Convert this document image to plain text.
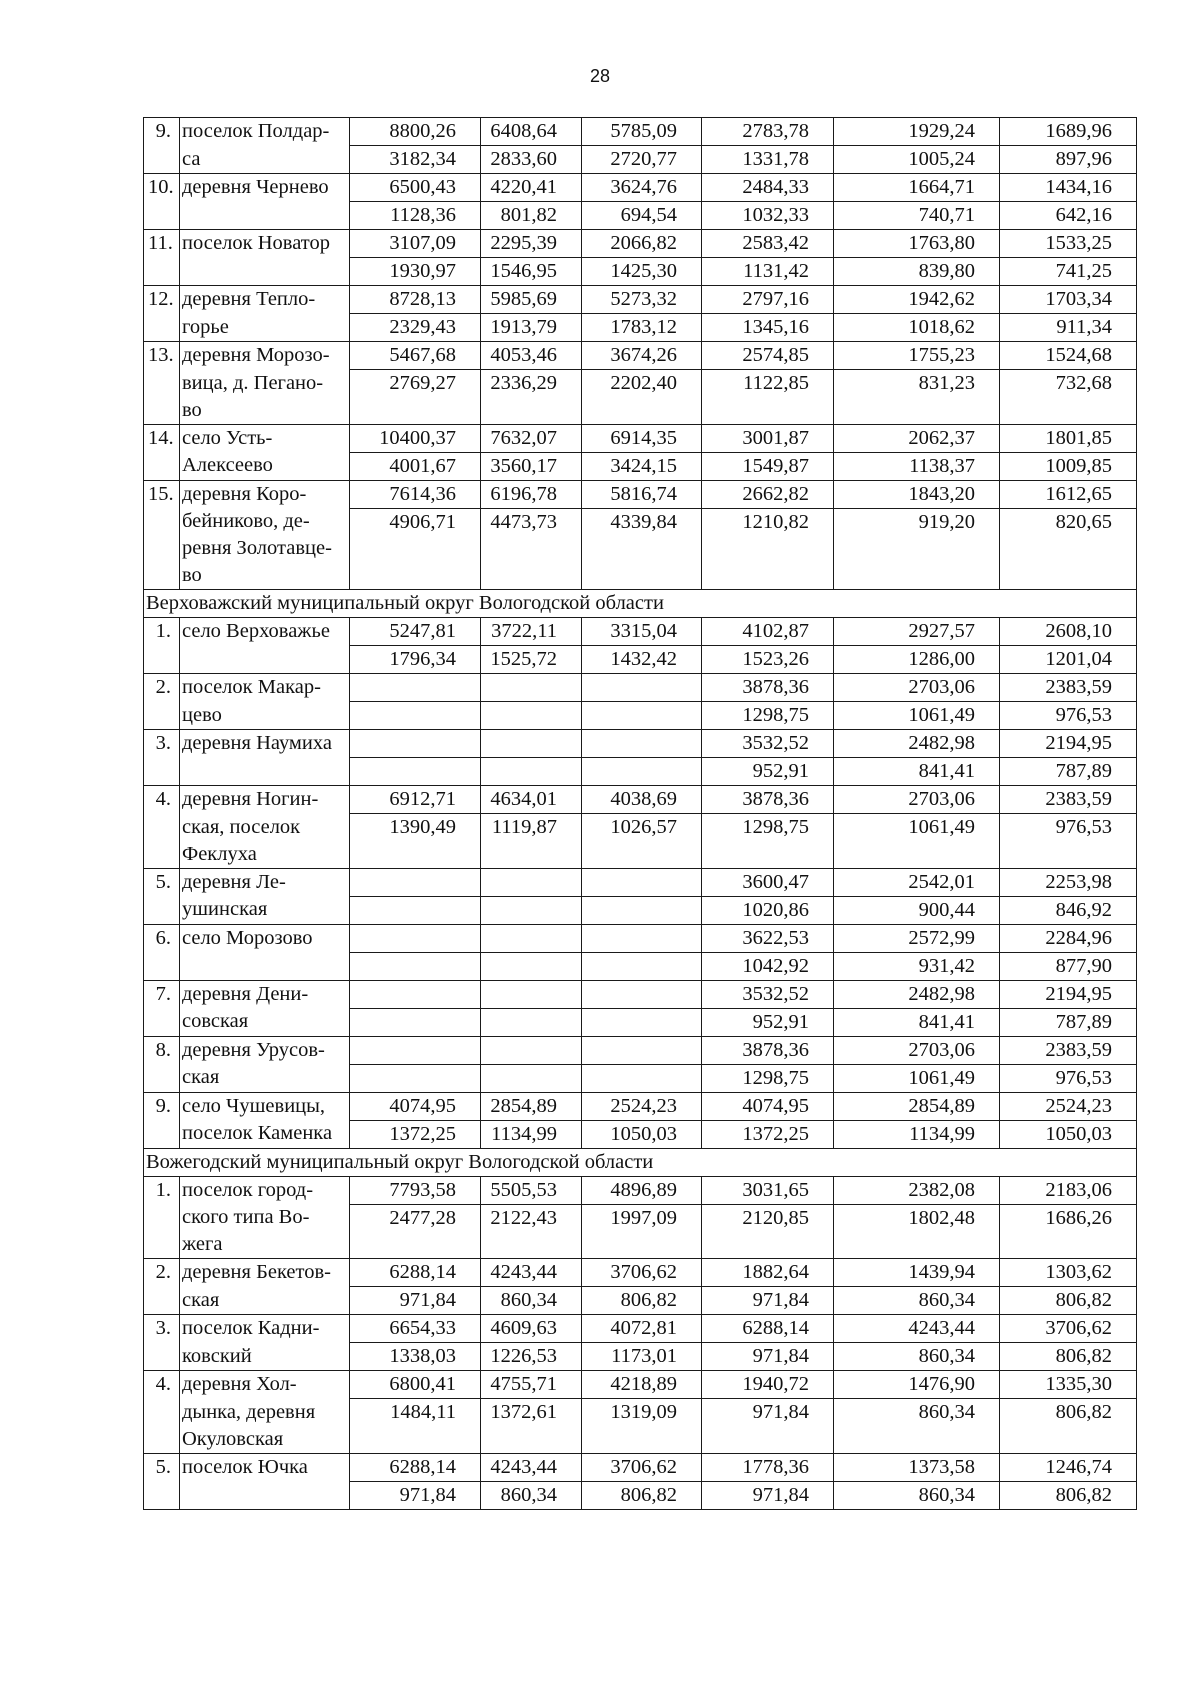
28
9.	поселок Полдар-	8800,26	6408,64	5785,09	2783,78	1929,24	1689,96
	са	3182,34	2833,60	2720,77	1331,78	1005,24	897,96
10.	деревня Чернево	6500,43	4220,41	3624,76	2484,33	1664,71	1434,16
		1128,36	801,82	694,54	1032,33	740,71	642,16
11.	поселок Новатор	3107,09	2295,39	2066,82	2583,42	1763,80	1533,25
		1930,97	1546,95	1425,30	1131,42	839,80	741,25
12.	деревня Тепло-	8728,13	5985,69	5273,32	2797,16	1942,62	1703,34
	горье	2329,43	1913,79	1783,12	1345,16	1018,62	911,34
13.	деревня Морозо-	5467,68	4053,46	3674,26	2574,85	1755,23	1524,68
	вица, д. Пегано-	2769,27	2336,29	2202,40	1122,85	831,23	732,68
	во						
14.	село Усть-	10400,37	7632,07	6914,35	3001,87	2062,37	1801,85
	Алексеево	4001,67	3560,17	3424,15	1549,87	1138,37	1009,85
15.	деревня Коро-	7614,36	6196,78	5816,74	2662,82	1843,20	1612,65
	бейниково, де-	4906,71	4473,73	4339,84	1210,82	919,20	820,65
	ревня Золотавце-						
	во						
Верховажский муниципальный округ Вологодской области							
1.	село Верховажье	5247,81	3722,11	3315,04	4102,87	2927,57	2608,10
		1796,34	1525,72	1432,42	1523,26	1286,00	1201,04
2.	поселок Макар-				3878,36	2703,06	2383,59
	цево				1298,75	1061,49	976,53
3.	деревня Наумиха				3532,52	2482,98	2194,95
					952,91	841,41	787,89
4.	деревня Ногин-	6912,71	4634,01	4038,69	3878,36	2703,06	2383,59
	ская, поселок	1390,49	1119,87	1026,57	1298,75	1061,49	976,53
	Феклуха						
5.	деревня Ле-				3600,47	2542,01	2253,98
	ушинская				1020,86	900,44	846,92
6.	село Морозово				3622,53	2572,99	2284,96
					1042,92	931,42	877,90
7.	деревня Дени-				3532,52	2482,98	2194,95
	совская				952,91	841,41	787,89
8.	деревня Урусов-				3878,36	2703,06	2383,59
	ская				1298,75	1061,49	976,53
9.	село Чушевицы,	4074,95	2854,89	2524,23	4074,95	2854,89	2524,23
	поселок Каменка	1372,25	1134,99	1050,03	1372,25	1134,99	1050,03
Вожегодский муниципальный округ Вологодской области							
1.	поселок город-	7793,58	5505,53	4896,89	3031,65	2382,08	2183,06
	ского типа Во-	2477,28	2122,43	1997,09	2120,85	1802,48	1686,26
	жега						
2.	деревня Бекетов-	6288,14	4243,44	3706,62	1882,64	1439,94	1303,62
	ская	971,84	860,34	806,82	971,84	860,34	806,82
3.	поселок Кадни-	6654,33	4609,63	4072,81	6288,14	4243,44	3706,62
	ковский	1338,03	1226,53	1173,01	971,84	860,34	806,82
4.	деревня Хол-	6800,41	4755,71	4218,89	1940,72	1476,90	1335,30
	дынка, деревня	1484,11	1372,61	1319,09	971,84	860,34	806,82
	Окуловская						
5.	поселок Ючка	6288,14	4243,44	3706,62	1778,36	1373,58	1246,74
		971,84	860,34	806,82	971,84	860,34	806,82
